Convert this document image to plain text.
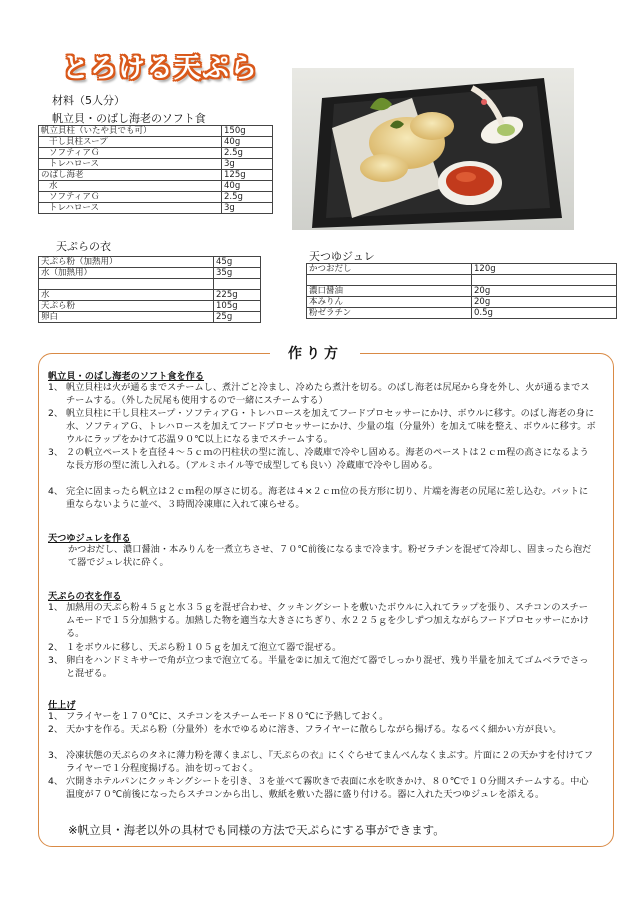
とろける天ぷら
材料（5人分）
帆立貝・のばし海老のソフト食
帆立貝柱（いたや貝でも可）	150g
干し貝柱スープ	40g
ソフティアＧ	2.5g
トレハロース	3g
のばし海老	125g
水	40g
ソフティアＧ	2.5g
トレハロース	3g
天ぷらの衣
天ぷら粉（加熱用）	45g
水（加熱用）	35g

水	225g
天ぷら粉	105g
卵白	25g
天つゆジュレ
かつおだし	120g

濃口醤油	20g
本みりん	20g
粉ゼラチン	0.5g
作り方
帆立貝・のばし海老のソフト食を作る
1、 帆立貝柱は火が通るまでスチームし、煮汁ごと冷まし、冷めたら煮汁を切る。のばし海老は尻尾から身を外し、火が通るまでスチームする。（外した尻尾も使用するので一緒にスチームする）
2、 帆立貝柱に干し貝柱スープ・ソフティアＧ・トレハロースを加えてフードプロセッサーにかけ、ボウルに移す。のばし海老の身に水、ソフティアＧ、トレハロースを加えてフードプロセッサーにかけ、少量の塩（分量外）を加えて味を整え、ボウルに移す。ボウルにラップをかけて芯温９０℃以上になるまでスチームする。
3、 ２の帆立ペーストを直径４～５ｃｍの円柱状の型に流し、冷蔵庫で冷やし固める。海老のペーストは２ｃｍ程の高さになるような長方形の型に流し入れる。（アルミホイル等で成型しても良い）冷蔵庫で冷やし固める。
4、 完全に固まったら帆立は２ｃｍ程の厚さに切る。海老は４×２ｃｍ位の長方形に切り、片端を海老の尻尾に差し込む。バットに重ならないように並べ、３時間冷凍庫に入れて凍らせる。
天つゆジュレを作る
かつおだし、濃口醤油・本みりんを一煮立ちさせ、７０℃前後になるまで冷ます。粉ゼラチンを混ぜて冷却し、固まったら泡だて器でジュレ状に砕く。
天ぷらの衣を作る
1、 加熱用の天ぷら粉４５ｇと水３５ｇを混ぜ合わせ、クッキングシートを敷いたボウルに入れてラップを張り、スチコンのスチームモードで１５分加熱する。加熱した物を適当な大きさにちぎり、水２２５ｇを少しずつ加えながらフードプロセッサーにかける。
2、 １をボウルに移し、天ぷら粉１０５ｇを加えて泡立て器で混ぜる。
3、 卵白をハンドミキサーで角が立つまで泡立てる。半量を②に加えて泡だて器でしっかり混ぜ、残り半量を加えてゴムベラでさっと混ぜる。
仕上げ
1、 フライヤーを１７０℃に、スチコンをスチームモード８０℃に予熱しておく。
2、 天かすを作る。天ぷら粉（分量外）を水でゆるめに溶き、フライヤーに散らしながら揚げる。なるべく細かい方が良い。
3、 冷凍状態の天ぷらのタネに薄力粉を薄くまぶし、『天ぷらの衣』にくぐらせてまんべんなくまぶす。片面に２の天かすを付けてフライヤーで１分程度揚げる。油を切っておく。
4、 穴開きホテルパンにクッキングシートを引き、３を並べて霧吹きで表面に水を吹きかけ、８０℃で１０分間スチームする。中心温度が７０℃前後になったらスチコンから出し、敷紙を敷いた器に盛り付ける。器に入れた天つゆジュレを添える。
※帆立貝・海老以外の具材でも同様の方法で天ぷらにする事ができます。
